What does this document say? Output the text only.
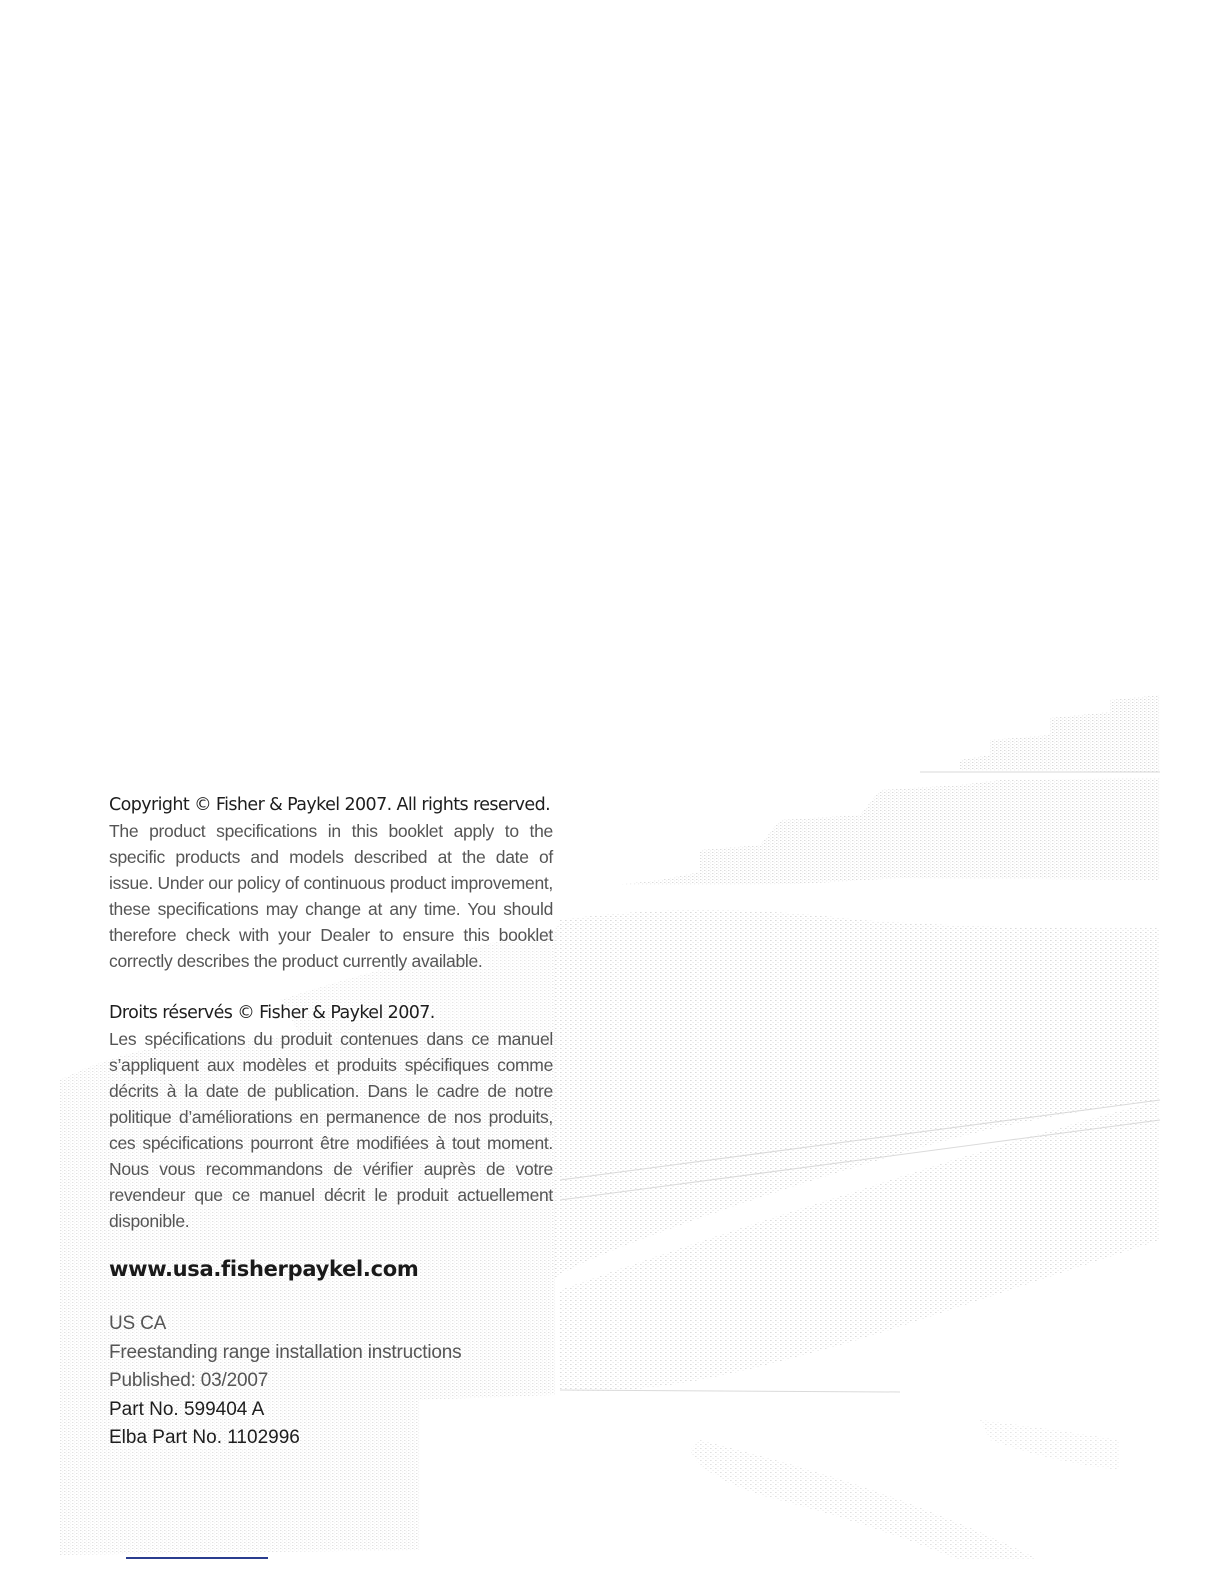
Copyright © Fisher & Paykel 2007. All rights reserved.

The product specifications in this booklet apply to the specific products and models described at the date of issue. Under our policy of continuous product improvement, these specifications may change at any time. You should therefore check with your Dealer to ensure this booklet correctly describes the product currently available.

Droits réservés © Fisher & Paykel 2007.

Les spécifications du produit contenues dans ce manuel s’appliquent aux modèles et produits spécifiques comme décrits à la date de publication. Dans le cadre de notre politique d’améliorations en permanence de nos produits, ces spécifications pourront être modifiées à tout moment. Nous vous recommandons de vérifier auprès de votre revendeur que ce manuel décrit le produit actuellement disponible.

www.usa.fisherpaykel.com
US CA
Freestanding range installation instructions
Published: 03/2007
Part No. 599404 A
Elba Part No. 1102996
